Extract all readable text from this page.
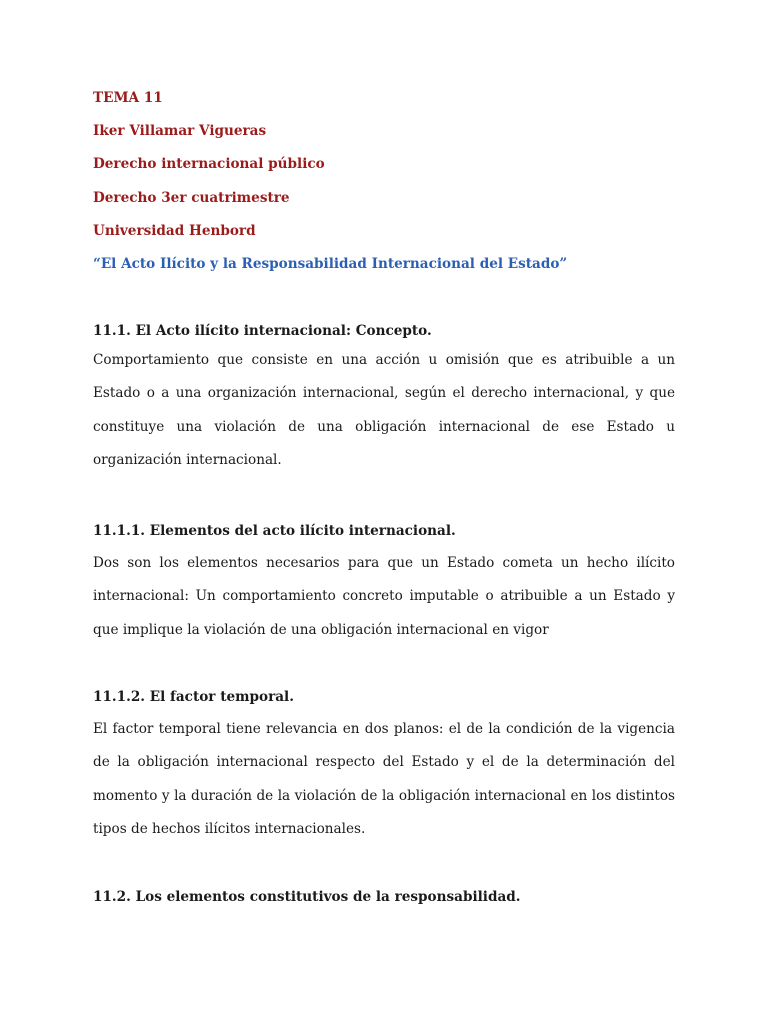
TEMA 11
Iker Villamar Vigueras
Derecho internacional público
Derecho 3er cuatrimestre
Universidad Henbord
“El Acto Ilícito y la Responsabilidad Internacional del Estado”
11.1. El Acto ilícito internacional: Concepto.
Comportamiento que consiste en una acción u omisión que es atribuible a un Estado o a una organización internacional, según el derecho internacional, y que constituye una violación de una obligación internacional de ese Estado u organización internacional.
11.1.1. Elementos del acto ilícito internacional.
Dos son los elementos necesarios para que un Estado cometa un hecho ilícito internacional: Un comportamiento concreto imputable o atribuible a un Estado y que implique la violación de una obligación internacional en vigor
11.1.2. El factor temporal.
El factor temporal tiene relevancia en dos planos: el de la condición de la vigencia de la obligación internacional respecto del Estado y el de la determinación del momento y la duración de la violación de la obligación internacional en los distintos tipos de hechos ilícitos internacionales.
11.2. Los elementos constitutivos de la responsabilidad.
